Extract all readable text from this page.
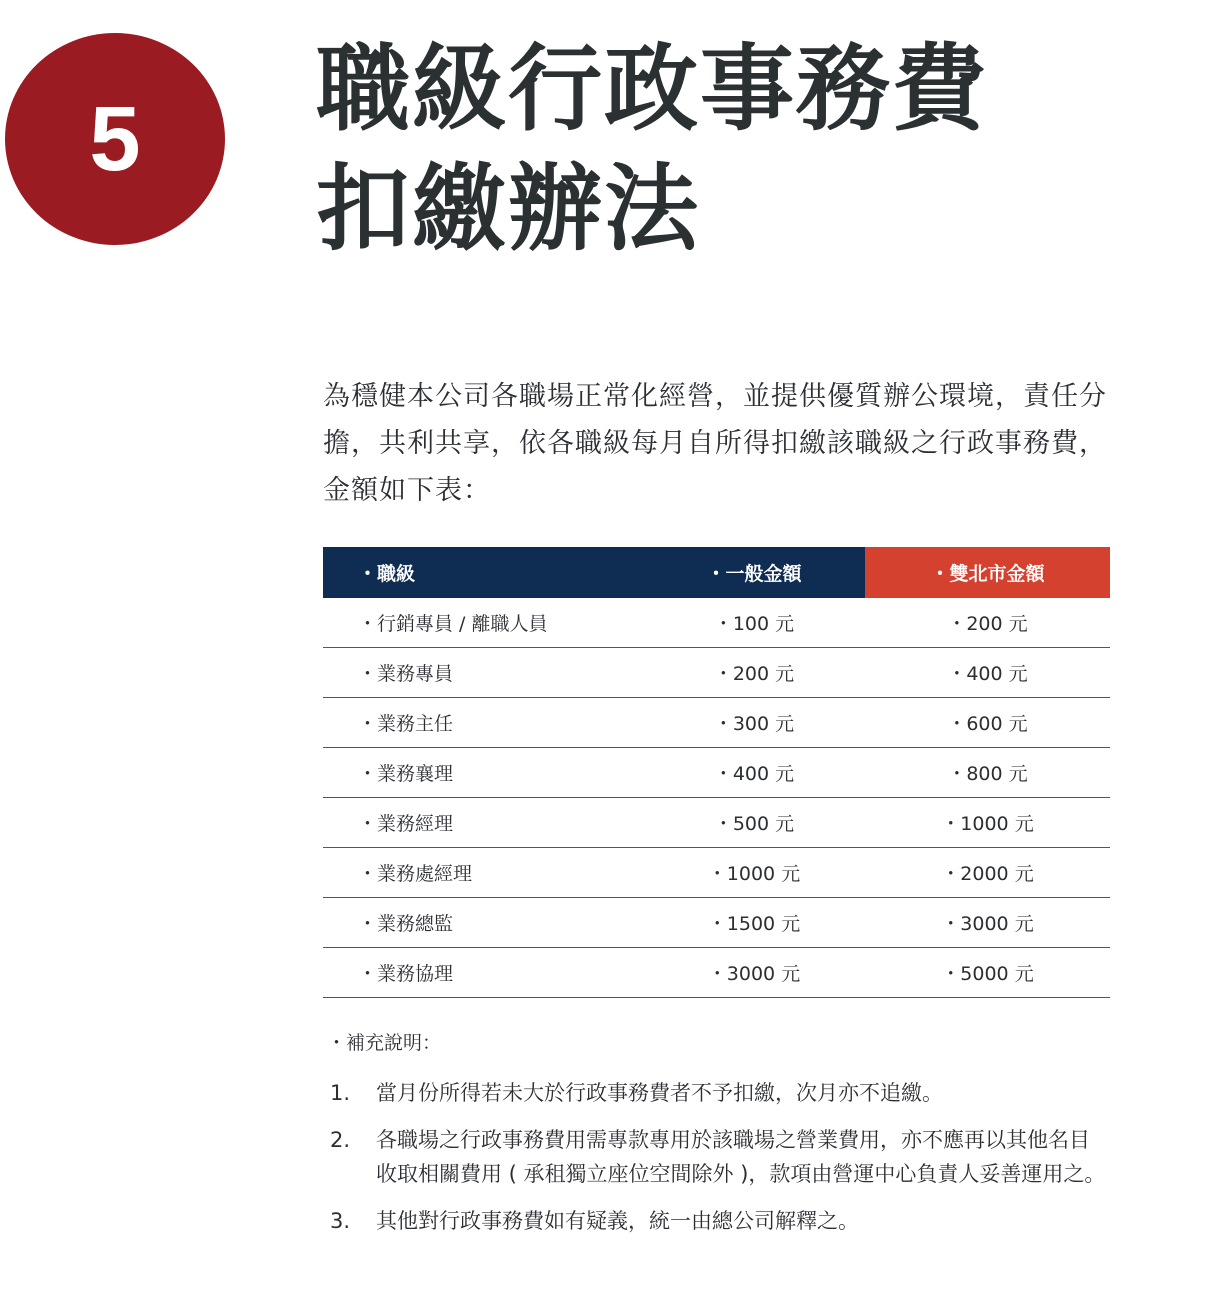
5 職級行政事務費
扣繳辦法

為穩健本公司各職場正常化經營，並提供優質辦公環境，責任分擔，共利共享，依各職級每月自所得扣繳該職級之行政事務費，金額如下表：

・ 職級	・ 一般金額	・ 雙北市金額
・ 行銷專員 / 離職人員	・ 100 元	・ 200 元
・ 業務專員	・ 200 元	・ 400 元
・ 業務主任	・ 300 元	・ 600 元
・ 業務襄理	・ 400 元	・ 800 元
・ 業務經理	・ 500 元	・ 1000 元
・ 業務處經理	・ 1000 元	・ 2000 元
・ 業務總監	・ 1500 元	・ 3000 元
・ 業務協理	・ 3000 元	・ 5000 元

・ 補充說明：

1.	當月份所得若未大於行政事務費者不予扣繳，次月亦不追繳。
2.	各職場之行政事務費用需專款專用於該職場之營業費用，亦不應再以其他名目收取相關費用 ( 承租獨立座位空間除外 )，款項由營運中心負責人妥善運用之。
3.	其他對行政事務費如有疑義，統一由總公司解釋之。
